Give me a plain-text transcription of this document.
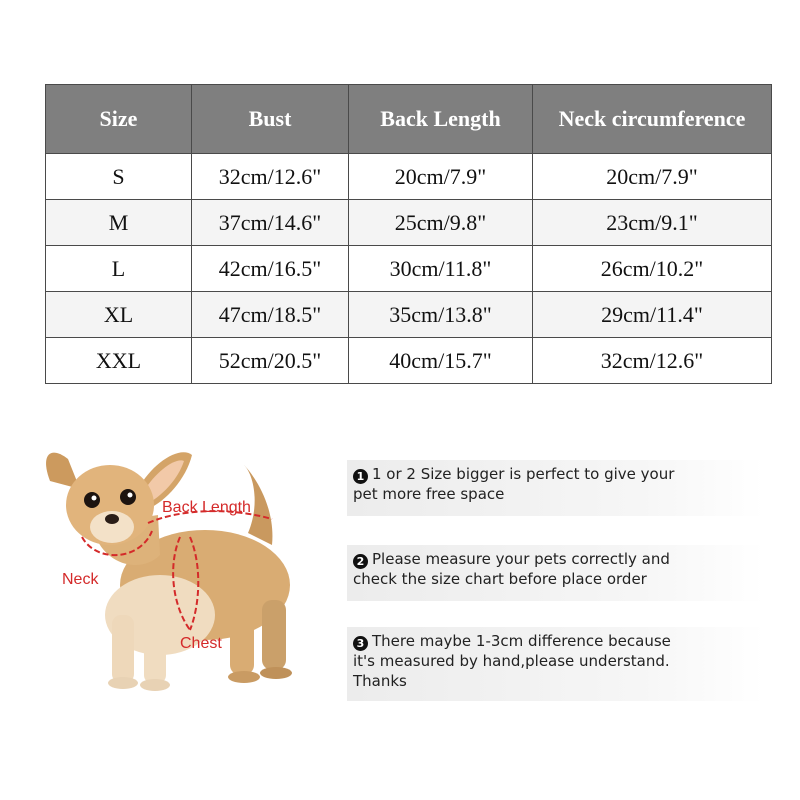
Size	Bust	Back Length	Neck circumference
S	32cm/12.6"	20cm/7.9"	20cm/7.9"
M	37cm/14.6"	25cm/9.8"	23cm/9.1"
L	42cm/16.5"	30cm/11.8"	26cm/10.2"
XL	47cm/18.5"	35cm/13.8"	29cm/11.4"
XXL	52cm/20.5"	40cm/15.7"	32cm/12.6"
Back Length
Neck
Chest

1 1 or 2 Size bigger is perfect to give your

pet more free space

2 Please measure your pets correctly and

check the size chart before place order

3 There maybe 1-3cm difference because

it's measured by hand,please understand.

Thanks
